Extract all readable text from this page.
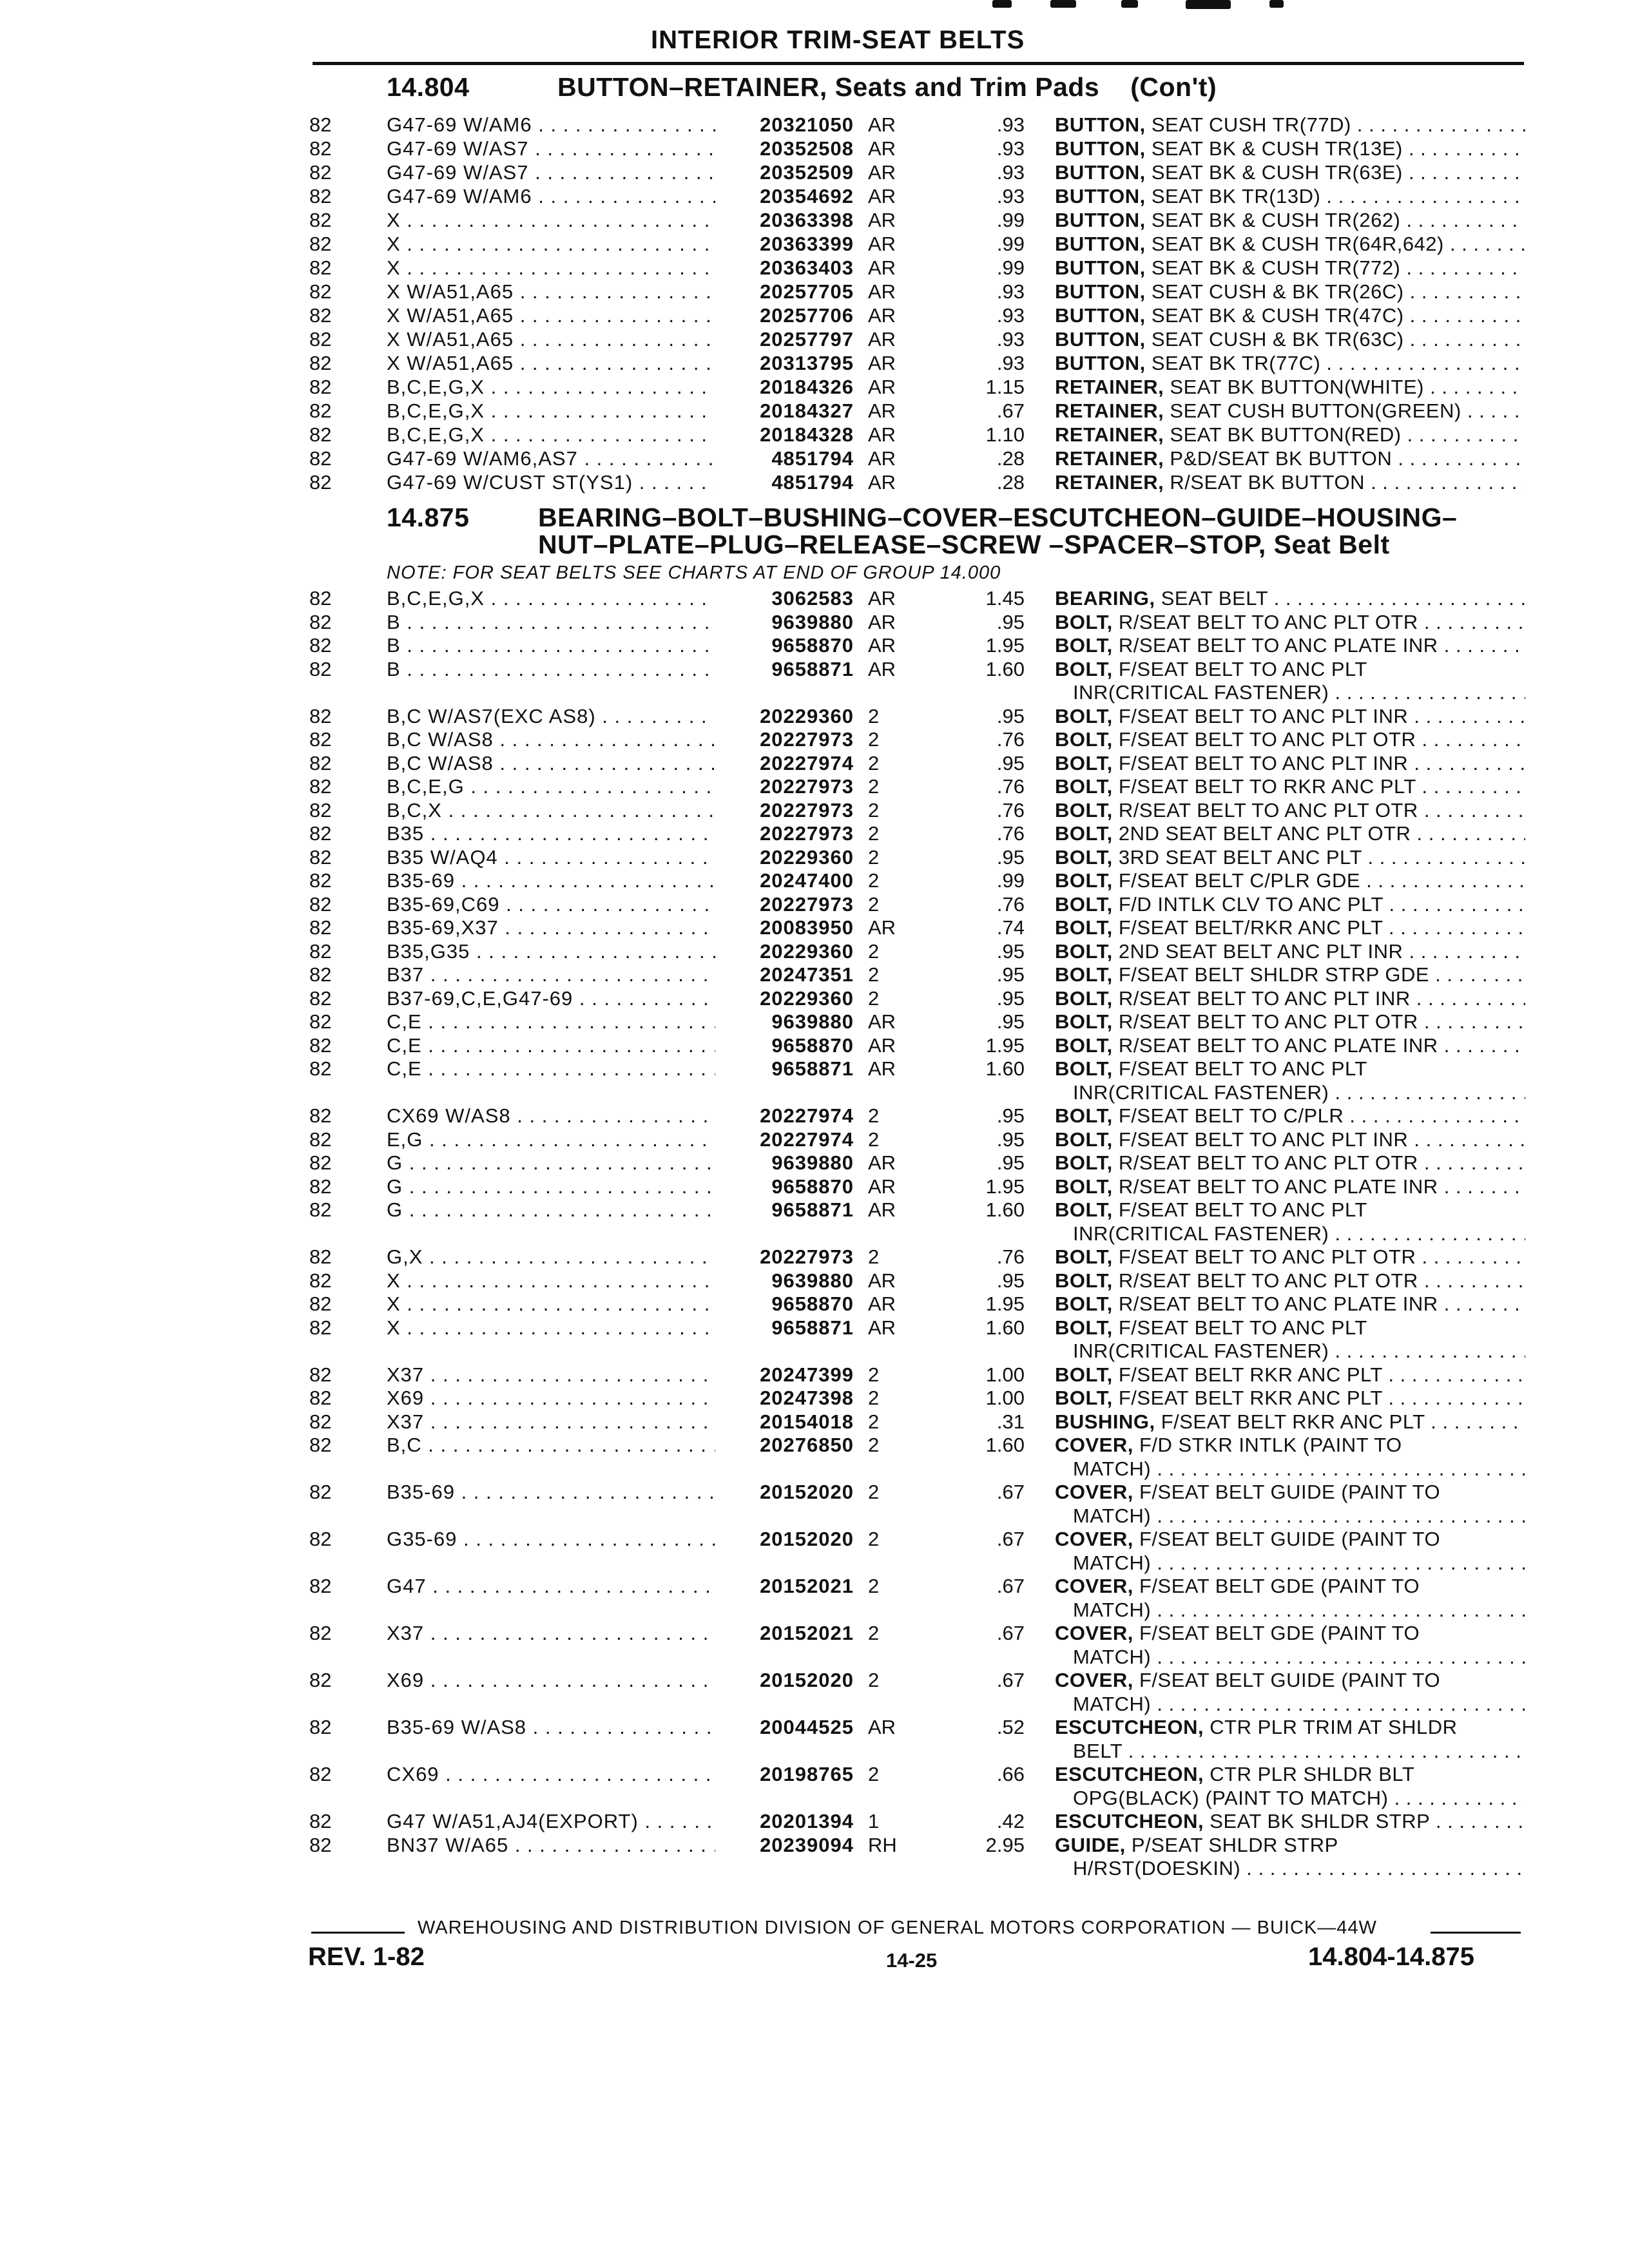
INTERIOR TRIM-SEAT BELTS
14.804	BUTTON–RETAINER, Seats and Trim Pads (Con't)
82	G47-69 W/AM6 . . .	20321050 AR	.93 BUTTON, SEAT CUSH TR(77D) . . .
82	G47-69 W/AS7 . . .	20352508 AR	.93 BUTTON, SEAT BK & CUSH TR(13E) . . .
82	G47-69 W/AS7 . . .	20352509 AR	.93 BUTTON, SEAT BK & CUSH TR(63E) . . .
82	G47-69 W/AM6 . . .	20354692 AR	.93 BUTTON, SEAT BK TR(13D) . . .
82	X . . .	20363398 AR	.99 BUTTON, SEAT BK & CUSH TR(262) . . .
82	X . . .	20363399 AR	.99 BUTTON, SEAT BK & CUSH TR(64R,642) . . .
82	X . . .	20363403 AR	.99 BUTTON, SEAT BK & CUSH TR(772) . . .
82	X W/A51,A65 . . .	20257705 AR	.93 BUTTON, SEAT CUSH & BK TR(26C) . . .
82	X W/A51,A65 . . .	20257706 AR	.93 BUTTON, SEAT BK & CUSH TR(47C) . . .
82	X W/A51,A65 . . .	20257797 AR	.93 BUTTON, SEAT CUSH & BK TR(63C) . . .
82	X W/A51,A65 . . .	20313795 AR	.93 BUTTON, SEAT BK TR(77C) . . .
82	B,C,E,G,X . . .	20184326 AR	1.15 RETAINER, SEAT BK BUTTON(WHITE) . . .
82	B,C,E,G,X . . .	20184327 AR	.67 RETAINER, SEAT CUSH BUTTON(GREEN) . . .
82	B,C,E,G,X . . .	20184328 AR	1.10 RETAINER, SEAT BK BUTTON(RED) . . .
82	G47-69 W/AM6,AS7 . . .	4851794 AR	.28 RETAINER, P&D/SEAT BK BUTTON . . .
82	G47-69 W/CUST ST(YS1) . . .	4851794 AR	.28 RETAINER, R/SEAT BK BUTTON . . .
14.875	BEARING–BOLT–BUSHING–COVER–ESCUTCHEON–GUIDE–HOUSING–
NUT–PLATE–PLUG–RELEASE–SCREW –SPACER–STOP, Seat Belt
NOTE: FOR SEAT BELTS SEE CHARTS AT END OF GROUP 14.000
82	B,C,E,G,X . . .	3062583 AR	1.45 BEARING, SEAT BELT . . .
82	B . . .	9639880 AR	.95 BOLT, R/SEAT BELT TO ANC PLT OTR . . .
82	B . . .	9658870 AR	1.95 BOLT, R/SEAT BELT TO ANC PLATE INR . . .
82	B . . .	9658871 AR	1.60 BOLT, F/SEAT BELT TO ANC PLT
INR(CRITICAL FASTENER) . . .
82	B,C W/AS7(EXC AS8) . . .	20229360 2	.95 BOLT, F/SEAT BELT TO ANC PLT INR . . .
82	B,C W/AS8 . . .	20227973 2	.76 BOLT, F/SEAT BELT TO ANC PLT OTR . . .
82	B,C W/AS8 . . .	20227974 2	.95 BOLT, F/SEAT BELT TO ANC PLT INR . . .
82	B,C,E,G . . .	20227973 2	.76 BOLT, F/SEAT BELT TO RKR ANC PLT . . .
82	B,C,X . . .	20227973 2	.76 BOLT, R/SEAT BELT TO ANC PLT OTR . . .
82	B35 . . .	20227973 2	.76 BOLT, 2ND SEAT BELT ANC PLT OTR . . .
82	B35 W/AQ4 . . .	20229360 2	.95 BOLT, 3RD SEAT BELT ANC PLT . . .
82	B35-69 . . .	20247400 2	.99 BOLT, F/SEAT BELT C/PLR GDE . . .
82	B35-69,C69 . . .	20227973 2	.76 BOLT, F/D INTLK CLV TO ANC PLT . . .
82	B35-69,X37 . . .	20083950 AR	.74 BOLT, F/SEAT BELT/RKR ANC PLT . . .
82	B35,G35 . . .	20229360 2	.95 BOLT, 2ND SEAT BELT ANC PLT INR . . .
82	B37 . . .	20247351 2	.95 BOLT, F/SEAT BELT SHLDR STRP GDE . . .
82	B37-69,C,E,G47-69 . . .	20229360 2	.95 BOLT, R/SEAT BELT TO ANC PLT INR . . .
82	C,E . . .	9639880 AR	.95 BOLT, R/SEAT BELT TO ANC PLT OTR . . .
82	C,E . . .	9658870 AR	1.95 BOLT, R/SEAT BELT TO ANC PLATE INR . . .
82	C,E . . .	9658871 AR	1.60 BOLT, F/SEAT BELT TO ANC PLT
INR(CRITICAL FASTENER) . . .
82	CX69 W/AS8 . . .	20227974 2	.95 BOLT, F/SEAT BELT TO C/PLR . . .
82	E,G . . .	20227974 2	.95 BOLT, F/SEAT BELT TO ANC PLT INR . . .
82	G . . .	9639880 AR	.95 BOLT, R/SEAT BELT TO ANC PLT OTR . . .
82	G . . .	9658870 AR	1.95 BOLT, R/SEAT BELT TO ANC PLATE INR . . .
82	G . . .	9658871 AR	1.60 BOLT, F/SEAT BELT TO ANC PLT
INR(CRITICAL FASTENER) . . .
82	G,X . . .	20227973 2	.76 BOLT, F/SEAT BELT TO ANC PLT OTR . . .
82	X . . .	9639880 AR	.95 BOLT, R/SEAT BELT TO ANC PLT OTR . . .
82	X . . .	9658870 AR	1.95 BOLT, R/SEAT BELT TO ANC PLATE INR . . .
82	X . . .	9658871 AR	1.60 BOLT, F/SEAT BELT TO ANC PLT
INR(CRITICAL FASTENER) . . .
82	X37 . . .	20247399 2	1.00 BOLT, F/SEAT BELT RKR ANC PLT . . .
82	X69 . . .	20247398 2	1.00 BOLT, F/SEAT BELT RKR ANC PLT . . .
82	X37 . . .	20154018 2	.31 BUSHING, F/SEAT BELT RKR ANC PLT . . .
82	B,C . . .	20276850 2	1.60 COVER, F/D STKR INTLK (PAINT TO
MATCH) . . .
82	B35-69 . . .	20152020 2	.67 COVER, F/SEAT BELT GUIDE (PAINT TO
MATCH) . . .
82	G35-69 . . .	20152020 2	.67 COVER, F/SEAT BELT GUIDE (PAINT TO
MATCH) . . .
82	G47 . . .	20152021 2	.67 COVER, F/SEAT BELT GDE (PAINT TO
MATCH) . . .
82	X37 . . .	20152021 2	.67 COVER, F/SEAT BELT GDE (PAINT TO
MATCH) . . .
82	X69 . . .	20152020 2	.67 COVER, F/SEAT BELT GUIDE (PAINT TO
MATCH) . . .
82	B35-69 W/AS8 . . .	20044525 AR	.52 ESCUTCHEON, CTR PLR TRIM AT SHLDR
BELT . . .
82	CX69 . . .	20198765 2	.66 ESCUTCHEON, CTR PLR SHLDR BLT
OPG(BLACK) (PAINT TO MATCH) . . .
82	G47 W/A51,AJ4(EXPORT) . . .	20201394 1	.42 ESCUTCHEON, SEAT BK SHLDR STRP . . .
82	BN37 W/A65 . . .	20239094 RH	2.95 GUIDE, P/SEAT SHLDR STRP
H/RST(DOESKIN) . . .
WAREHOUSING AND DISTRIBUTION DIVISION OF GENERAL MOTORS CORPORATION — BUICK—44W
REV. 1-82	14-25	14.804-14.875
